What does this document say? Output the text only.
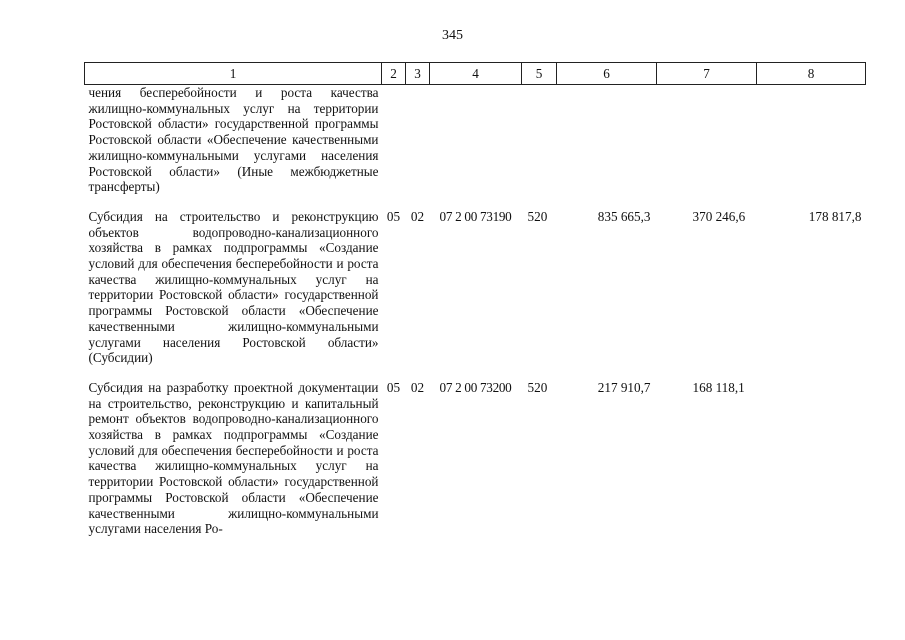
345
1	2	3	4	5	6	7	8
чения бесперебойности и роста качества жилищно-коммунальных услуг на территории Ростовской области» государственной программы Ростовской области «Обеспечение качественными жилищно-коммунальными услугами населения Ростовской области» (Иные межбюджетные трансферты)							
Субсидия на строительство и реконструкцию объектов водопроводно-канализационного хозяйства в рамках подпрограммы «Создание условий для обеспечения бесперебойности и роста качества жилищно-коммунальных услуг на территории Ростовской области» государственной программы Ростовской области «Обеспечение качественными жилищно-коммунальными услугами населения Ростовской области» (Субсидии)	05	02	07 2 00 73190	520	835 665,3	370 246,6	178 817,8
Субсидия на разработку проектной документации на строительство, реконструкцию и капитальный ремонт объектов водопроводно-канализационного хозяйства в рамках подпрограммы «Создание условий для обеспечения бесперебойности и роста качества жилищно-коммунальных услуг на территории Ростовской области» государственной программы Ростовской области «Обеспечение качественными жилищно-коммунальными услугами населения Ро-	05	02	07 2 00 73200	520	217 910,7	168 118,1	
